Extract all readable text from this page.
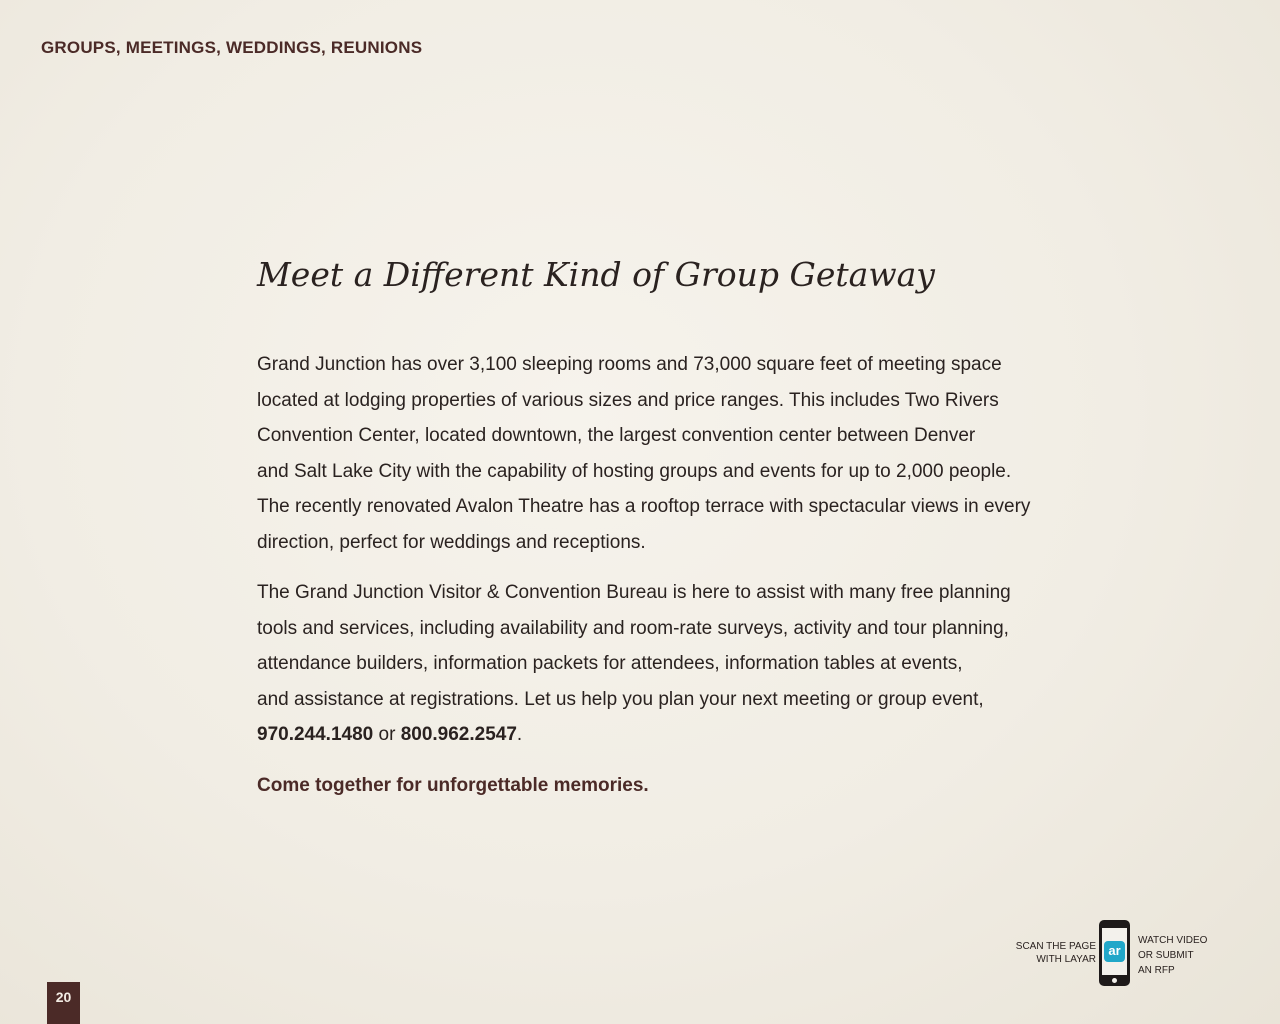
GROUPS, MEETINGS, WEDDINGS, REUNIONS
Meet a Different Kind of Group Getaway

Grand Junction has over 3,100 sleeping rooms and 73,000 square feet of meeting space
located at lodging properties of various sizes and price ranges. This includes Two Rivers
Convention Center, located downtown, the largest convention center between Denver
and Salt Lake City with the capability of hosting groups and events for up to 2,000 people.
The recently renovated Avalon Theatre has a rooftop terrace with spectacular views in every
direction, perfect for weddings and receptions.

The Grand Junction Visitor & Convention Bureau is here to assist with many free planning
tools and services, including availability and room-rate surveys, activity and tour planning,
attendance builders, information packets for attendees, information tables at events,
and assistance at registrations. Let us help you plan your next meeting or group event,
970.244.1480 or 800.962.2547.

Come together for unforgettable memories.

SCAN THE PAGE
WITH LAYAR
ar
WATCH VIDEO
OR SUBMIT
AN RFP
20
